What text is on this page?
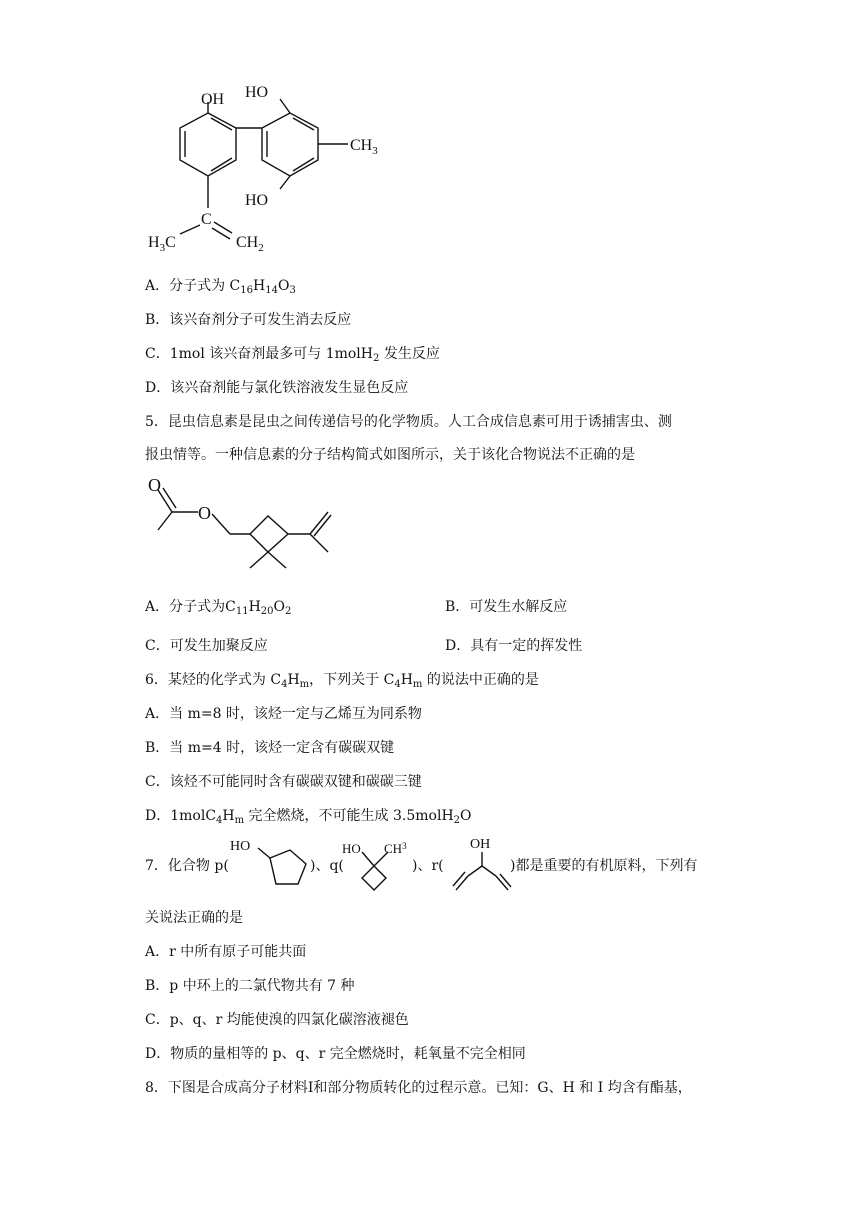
OH HO
HO
$CH_3$
$H_3C$
C
$CH_2$
A．分子式为 $C_{16}H_{14}O_3$
B．该兴奋剂分子可发生消去反应
C．1mol 该兴奋剂最多可与 1molH$_2$ 发生反应
D．该兴奋剂能与氯化铁溶液发生显色反应
5．昆虫信息素是昆虫之间传递信号的化学物质。人工合成信息素可用于诱捕害虫、测
报虫情等。一种信息素的分子结构简式如图所示，关于该化合物说法不正确的是
O
O
A．分子式为$C_{11}H_{20}O_2$	B．可发生水解反应
C．可发生加聚反应	D．具有一定的挥发性
6．某烃的化学式为 $C_4H_m$，下列关于 $C_4H_m$ 的说法中正确的是
A．当 m=8 时，该烃一定与乙烯互为同系物
B．当 m=4 时，该烃一定含有碳碳双键
C．该烃不可能同时含有碳碳双键和碳碳三键
D．$1molC_4H_m$ 完全燃烧，不可能生成 3.5molH$_2$O
7．化合物 p(	)、q(	)、r(	)都是重要的有机原料，下列有
HO	HO $CH^3$	OH
关说法正确的是
A．r 中所有原子可能共面
B．p 中环上的二氯代物共有 7 种
C．p、q、r 均能使溴的四氯化碳溶液褪色
D．物质的量相等的 p、q、r 完全燃烧时，耗氧量不完全相同
8．下图是合成高分子材料I和部分物质转化的过程示意。已知：G、H 和 I 均含有酯基，
